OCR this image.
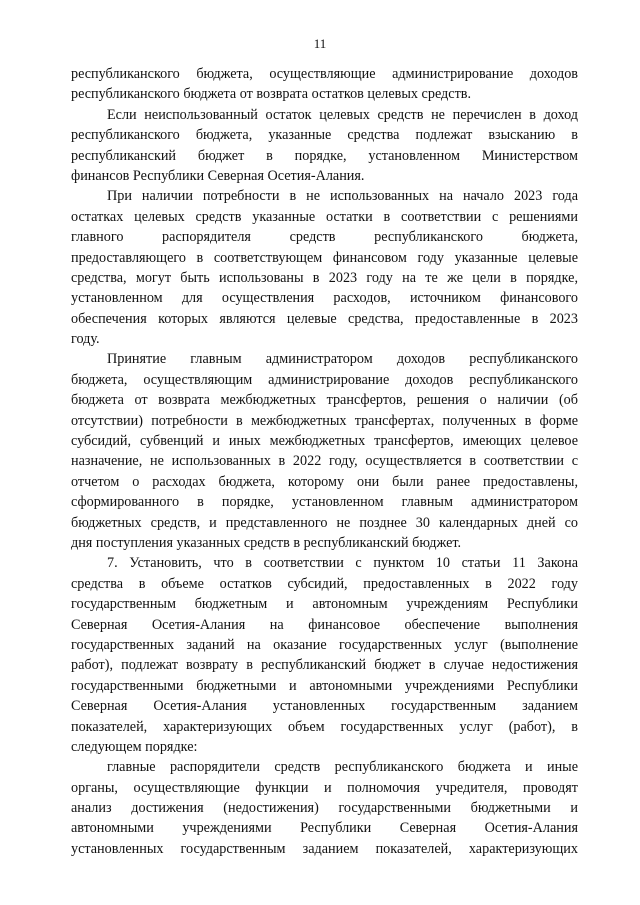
11
республиканского бюджета, осуществляющие администрирование доходов
республиканского бюджета от возврата остатков целевых средств.
Если неиспользованный остаток целевых средств не перечислен в доход
республиканского бюджета, указанные средства подлежат взысканию в
республиканский бюджет в порядке, установленном Министерством
финансов Республики Северная Осетия-Алания.
При наличии потребности в не использованных на начало 2023 года
остатках целевых средств указанные остатки в соответствии с решениями
главного распорядителя средств республиканского бюджета,
предоставляющего в соответствующем финансовом году указанные целевые
средства, могут быть использованы в 2023 году на те же цели в порядке,
установленном для осуществления расходов, источником финансового
обеспечения которых являются целевые средства, предоставленные в 2023
году.
Принятие главным администратором доходов республиканского
бюджета, осуществляющим администрирование доходов республиканского
бюджета от возврата межбюджетных трансфертов, решения о наличии (об
отсутствии) потребности в межбюджетных трансфертах, полученных в форме
субсидий, субвенций и иных межбюджетных трансфертов, имеющих целевое
назначение, не использованных в 2022 году, осуществляется в соответствии с
отчетом о расходах бюджета, которому они были ранее предоставлены,
сформированного в порядке, установленном главным администратором
бюджетных средств, и представленного не позднее 30 календарных дней со
дня поступления указанных средств в республиканский бюджет.
7. Установить, что в соответствии с пунктом 10 статьи 11 Закона
средства в объеме остатков субсидий, предоставленных в 2022 году
государственным бюджетным и автономным учреждениям Республики
Северная Осетия-Алания на финансовое обеспечение выполнения
государственных заданий на оказание государственных услуг (выполнение
работ), подлежат возврату в республиканский бюджет в случае недостижения
государственными бюджетными и автономными учреждениями Республики
Северная Осетия-Алания установленных государственным заданием
показателей, характеризующих объем государственных услуг (работ), в
следующем порядке:
главные распорядители средств республиканского бюджета и иные
органы, осуществляющие функции и полномочия учредителя, проводят
анализ достижения (недостижения) государственными бюджетными и
автономными учреждениями Республики Северная Осетия-Алания
установленных государственным заданием показателей, характеризующих
